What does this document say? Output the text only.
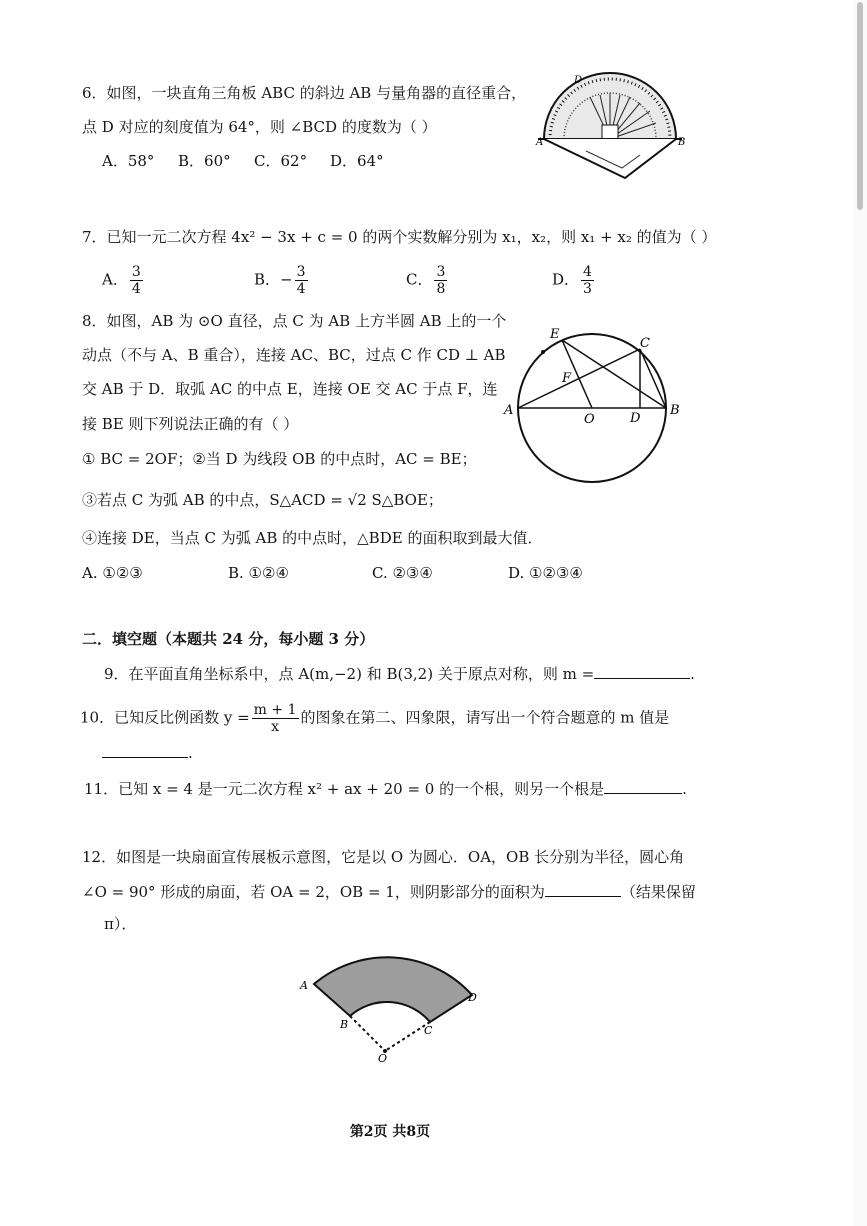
6．如图，一块直角三角板 ABC 的斜边 AB 与量角器的直径重合，
点 D 对应的刻度值为 64°，则 ∠BCD 的度数为（ ）
A．58° B．60° C．62° D．64°
A	B
D
7．已知一元二次方程 4x² − 3x + c = 0 的两个实数解分别为 x₁，x₂，则 x₁ + x₂ 的值为（ ）
A． $\frac{3}{4}$	B．− $\frac{3}{4}$	C． $\frac{3}{8}$	D． $\frac{4}{3}$
8．如图，AB 为 ⊙O 直径，点 C 为 AB 上方半圆 AB 上的一个
动点（不与 A、B 重合），连接 AC、BC，过点 C 作 CD ⊥ AB
交 AB 于 D．取弧 AC 的中点 E，连接 OE 交 AC 于点 F，连
接 BE 则下列说法正确的有（ ）
① BC = 2OF；②当 D 为线段 OB 的中点时，AC = BE；
③若点 C 为弧 AB 的中点，S△ACD = √2 S△BOE；
④连接 DE，当点 C 为弧 AB 的中点时，△BDE 的面积取到最大值．
A. ①②③	B. ①②④	C. ②③④	D. ①②③④
A	B
C
D
E
F
O
二．填空题（本题共 24 分，每小题 3 分）
9．在平面直角坐标系中，点 A(m,−2) 和 B(3,2) 关于原点对称，则 m =	.
10．已知反比例函数 $y = \frac{m + 1}{x}$ 的图象在第二、四象限，请写出一个符合题意的 m 值是
.
11．已知 x = 4 是一元二次方程 x² + ax + 20 = 0 的一个根，则另一个根是	.
12．如图是一块扇面宣传展板示意图，它是以 O 为圆心．OA，OB 长分别为半径，圆心角
∠O = 90° 形成的扇面，若 OA = 2，OB = 1，则阴影部分的面积为	（结果保留
π）．
A
B	C
D
O
第2页 共8页
